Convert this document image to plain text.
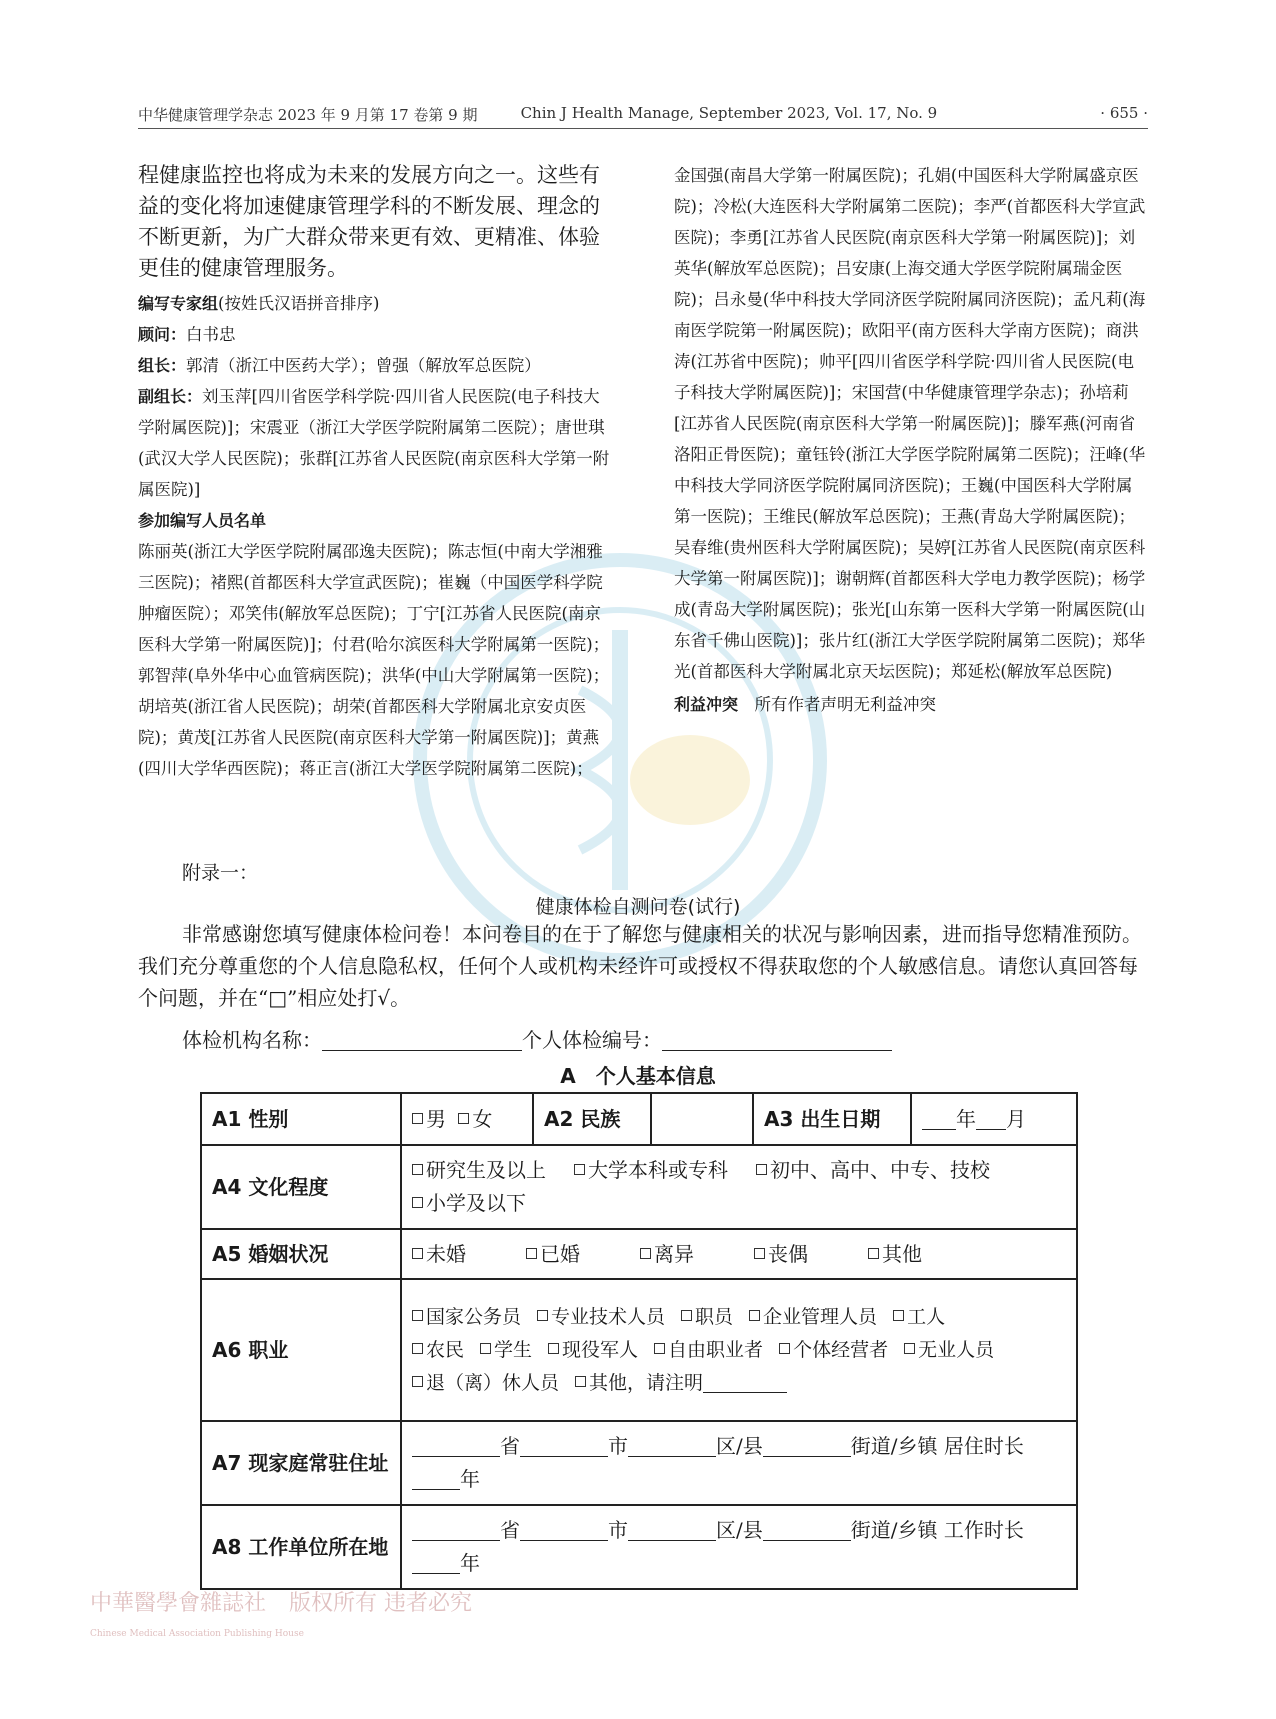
中华健康管理学杂志 2023 年 9 月第 17 卷第 9 期	Chin J Health Manage, September 2023, Vol. 17, No. 9	· 655 ·

程健康监控也将成为未来的发展方向之一。这些有益的变化将加速健康管理学科的不断发展、理念的不断更新，为广大群众带来更有效、更精准、体验更佳的健康管理服务。

编写专家组(按姓氏汉语拼音排序)

顾问：白书忠

组长：郭清（浙江中医药大学）；曾强（解放军总医院）

副组长：刘玉萍[四川省医学科学院·四川省人民医院(电子科技大学附属医院)]；宋震亚（浙江大学医学院附属第二医院）；唐世琪(武汉大学人民医院)；张群[江苏省人民医院(南京医科大学第一附属医院)]

参加编写人员名单

陈丽英(浙江大学医学院附属邵逸夫医院)；陈志恒(中南大学湘雅三医院)；褚熙(首都医科大学宣武医院)；崔巍（中国医学科学院肿瘤医院）；邓笑伟(解放军总医院)；丁宁[江苏省人民医院(南京医科大学第一附属医院)]；付君(哈尔滨医科大学附属第一医院)；郭智萍(阜外华中心血管病医院)；洪华(中山大学附属第一医院)；胡培英(浙江省人民医院)；胡荣(首都医科大学附属北京安贞医院)；黄茂[江苏省人民医院(南京医科大学第一附属医院)]；黄燕(四川大学华西医院)；蒋正言(浙江大学医学院附属第二医院)；

金国强(南昌大学第一附属医院)；孔娟(中国医科大学附属盛京医院)；冷松(大连医科大学附属第二医院)；李严(首都医科大学宣武医院)；李勇[江苏省人民医院(南京医科大学第一附属医院)]；刘英华(解放军总医院)；吕安康(上海交通大学医学院附属瑞金医院)；吕永曼(华中科技大学同济医学院附属同济医院)；孟凡莉(海南医学院第一附属医院)；欧阳平(南方医科大学南方医院)；商洪涛(江苏省中医院)；帅平[四川省医学科学院·四川省人民医院(电子科技大学附属医院)]；宋国营(中华健康管理学杂志)；孙培莉[江苏省人民医院(南京医科大学第一附属医院)]；滕军燕(河南省洛阳正骨医院)；童钰铃(浙江大学医学院附属第二医院)；汪峰(华中科技大学同济医学院附属同济医院)；王巍(中国医科大学附属第一医院)；王维民(解放军总医院)；王燕(青岛大学附属医院)；吴春维(贵州医科大学附属医院)；吴婷[江苏省人民医院(南京医科大学第一附属医院)]；谢朝辉(首都医科大学电力教学医院)；杨学成(青岛大学附属医院)；张光[山东第一医科大学第一附属医院(山东省千佛山医院)]；张片红(浙江大学医学院附属第二医院)；郑华光(首都医科大学附属北京天坛医院)；郑延松(解放军总医院)

利益冲突　 所有作者声明无利益冲突

附录一：
健康体检自测问卷(试行)
非常感谢您填写健康体检问卷！本问卷目的在于了解您与健康相关的状况与影响因素，进而指导您精准预防。我们充分尊重您的个人信息隐私权，任何个人或机构未经许可或授权不得获取您的个人敏感信息。请您认真回答每个问题，并在“□”相应处打√。
体检机构名称：	个人体检编号：
A　个人基本信息
A1 性别	男 女	A2 民族		A3 出生日期	年 月
A4 文化程度	研究生及以上 大学本科或专科 初中、高中、中专、技校
小学及以下				
A5 婚姻状况	未婚 已婚 离异 丧偶 其他				
A6 职业	国家公务员 专业技术人员 职员 企业管理人员 工人
农民 学生 现役军人 自由职业者 个体经营者 无业人员
退（离）休人员 其他，请注明				
A7 现家庭常驻住址	省 市 区/县 街道/乡镇 居住时长年				
A8 工作单位所在地	省 市 区/县 街道/乡镇 工作时长年				
中華醫學會雜誌社 版权所有 违者必究
Chinese Medical Association Publishing House
